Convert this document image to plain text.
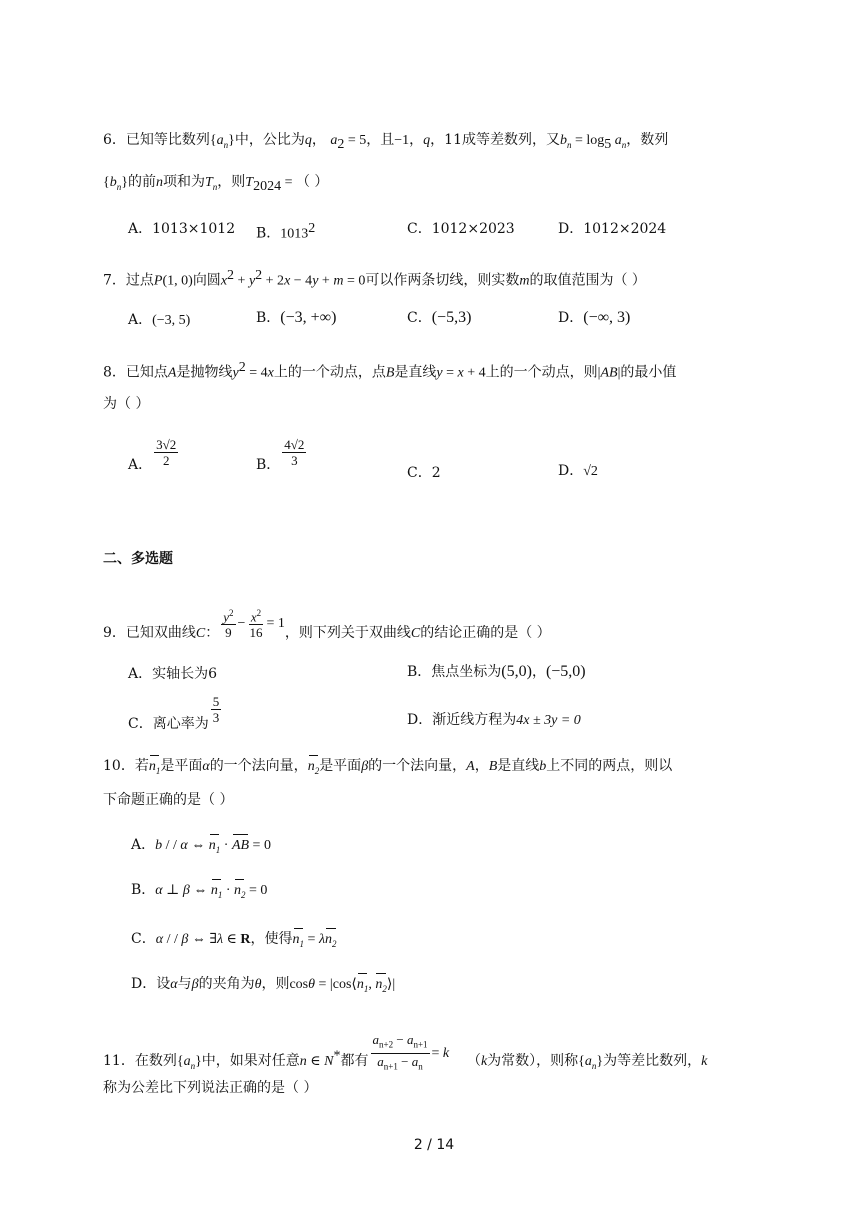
6．已知等比数列$\{a_n\}$中，公比为q， $a_2 = 5$，且−1，q，11成等差数列，又$b_n = \log_5 a_n$，数列
$\{b_n\}$的前n项和为$T_n$，则$T_{2024}$ = （ ）
A．1013×1012 B．1013$^2$	C．1012×2023	D．1012×2024
7．过点P(1, 0)向圆$x^2 + y^2 + 2x - 4y + m = 0$可以作两条切线，则实数m的取值范围为（ ）
A．(−3, 5)	B．(−3, +∞)	C．(−5,3)	D．(−∞, 3)
8．已知点A是抛物线$y^2 = 4x$上的一个动点，点B是直线y = x + 4上的一个动点，则|AB|的最小值
为（ ）
A． $\frac{3√2}{2}$	B． $\frac{4√2}{3}$
C．2	D．√2
二、多选题
9．已知双曲线C： $\frac{y^2}{9} - \frac{x^2}{16} = 1$，则下列关于双曲线C的结论正确的是（ ）
A．实轴长为6	B．焦点坐标为(5,0)，(−5,0)
C．离心率为 $\frac{5}{3}$	D．渐近线方程为4x ± 3y = 0
10．若$n_1$是平面α的一个法向量，$n_2$是平面β的一个法向量，A，B是直线b上不同的两点，则以
下命题正确的是（ ）
A．b / / α ⇔ $n_1$ · AB = 0
B．α ⊥ β ⇔ $n_1 \cdot n_2 = 0$
C．α / / β ⇔ ∃λ ∈ R，使得$n_1 = \lambda n_2$
D．设α与β的夹角为θ，则$\cos\theta = |\cos⟨n_1$, $n_2⟩|$
11．在数列$\{a_n\}$中，如果对任意n ∈ N*都有 $\frac{a_{n+2} - a_{n+1}}{a_{n+1} - a_n} = k$ （k为常数），则称$\{a_n\}$为等差比数列，k
称为公差比下列说法正确的是（ ）
2 / 14
